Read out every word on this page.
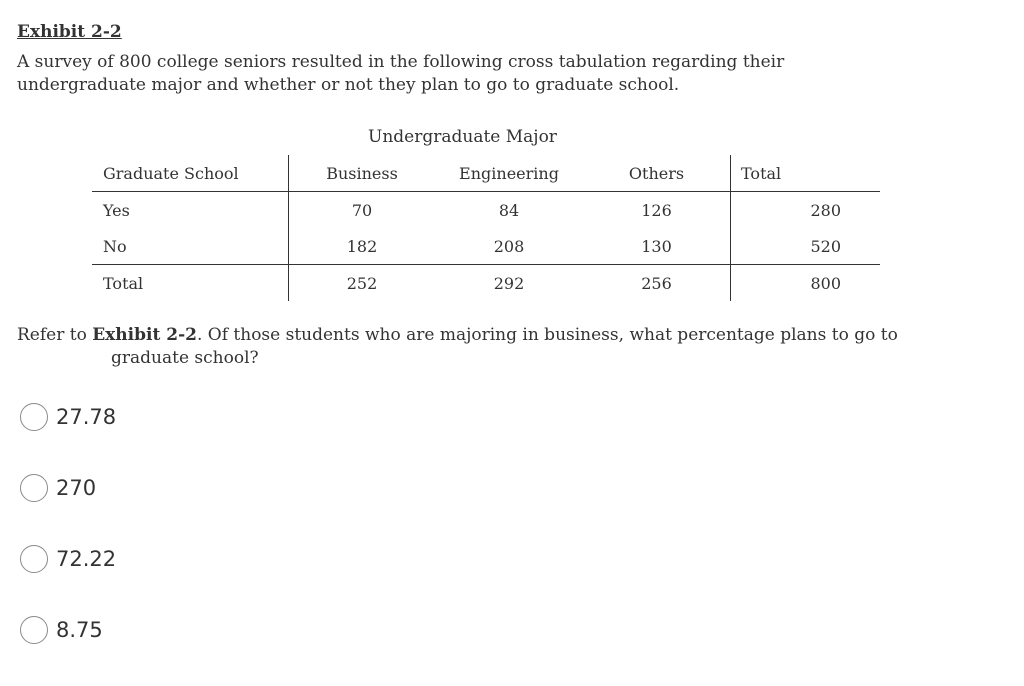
Exhibit 2-2

A survey of 800 college seniors resulted in the following cross tabulation regarding their undergraduate major and whether or not they plan to go to graduate school.

Undergraduate Major
Graduate School	Business	Engineering	Others	Total
Yes	70	84	126	280
No	182	208	130	520
Total	252	292	256	800

Refer to Exhibit 2-2. Of those students who are majoring in business, what percentage plans to go to graduate school?

27.78
270
72.22
8.75
